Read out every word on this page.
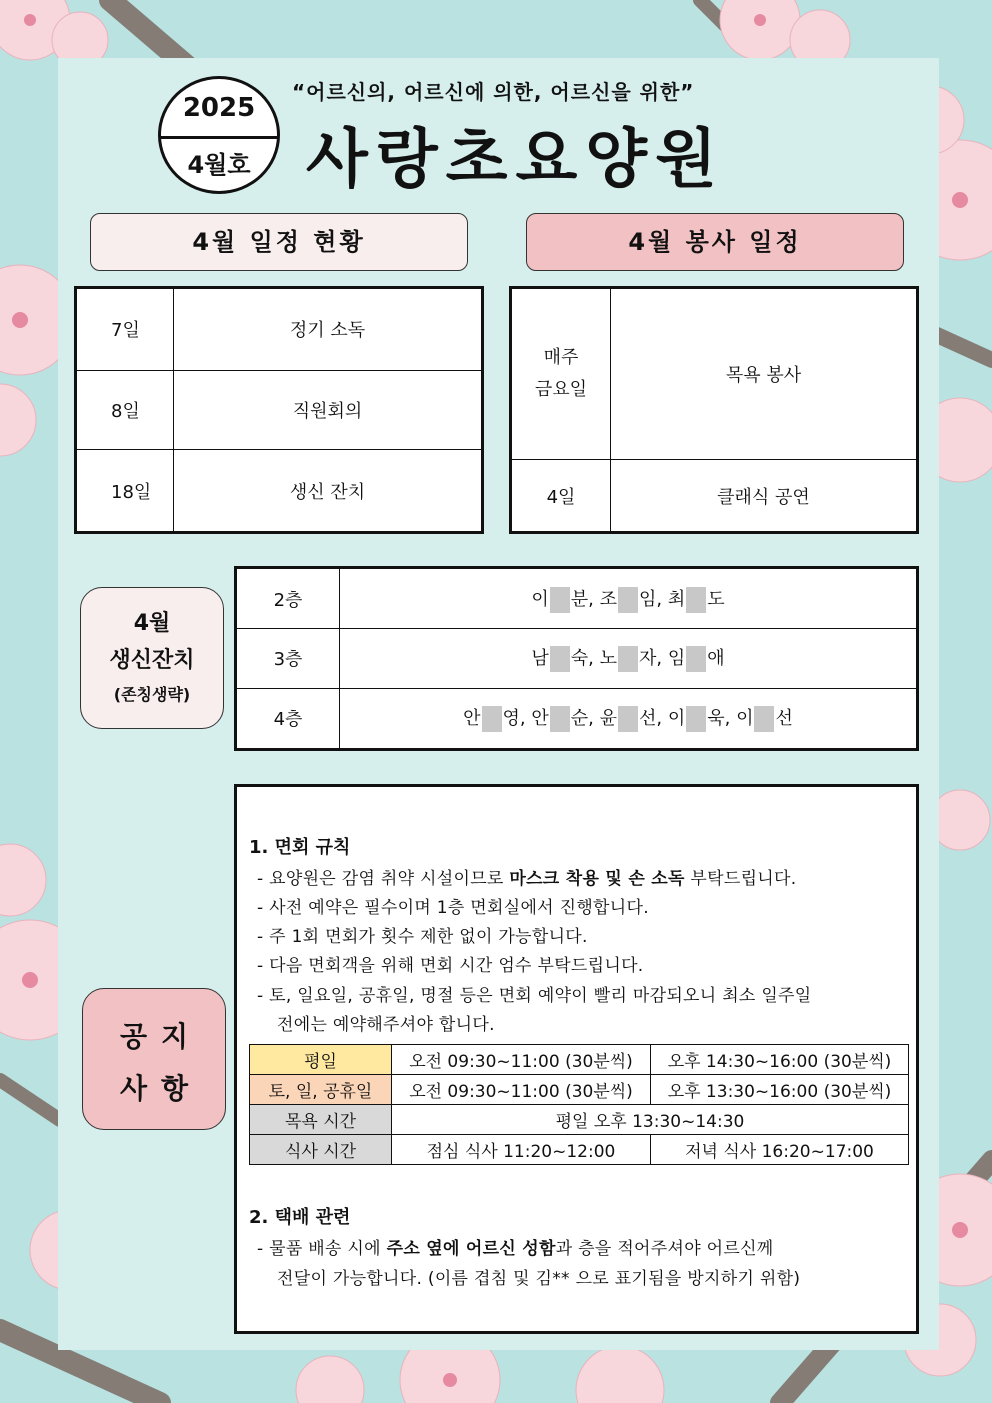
2025
4월호
“어르신의, 어르신에 의한, 어르신을 위한”
사랑초요양원
4월 일정 현황	4월 봉사 일정
7일	정기 소독
8일	직원회의
18일	생신 잔치
매주
금요일	목욕 봉사
4일	클래식 공연
4월
생신잔치
(존칭생략)
2층	이 분, 조 임, 최 도
3층	남 숙, 노 자, 임 애
4층	안 영, 안 순, 윤 선, 이 욱, 이 선
공지
사항
1. 면회 규칙
- 요양원은 감염 취약 시설이므로 마스크 착용 및 손 소독 부탁드립니다.
- 사전 예약은 필수이며 1층 면회실에서 진행합니다.
- 주 1회 면회가 횟수 제한 없이 가능합니다.
- 다음 면회객을 위해 면회 시간 엄수 부탁드립니다.
- 토, 일요일, 공휴일, 명절 등은 면회 예약이 빨리 마감되오니 최소 일주일
전에는 예약해주셔야 합니다.
평일	오전 09:30~11:00 (30분씩)	오후 14:30~16:00 (30분씩)
토, 일, 공휴일	오전 09:30~11:00 (30분씩)	오후 13:30~16:00 (30분씩)
목욕 시간	평일 오후 13:30~14:30	
식사 시간	점심 식사 11:20~12:00	저녁 식사 16:20~17:00
2. 택배 관련
- 물품 배송 시에 주소 옆에 어르신 성함과 층을 적어주셔야 어르신께
전달이 가능합니다. (이름 겹침 및 김** 으로 표기됨을 방지하기 위함)
